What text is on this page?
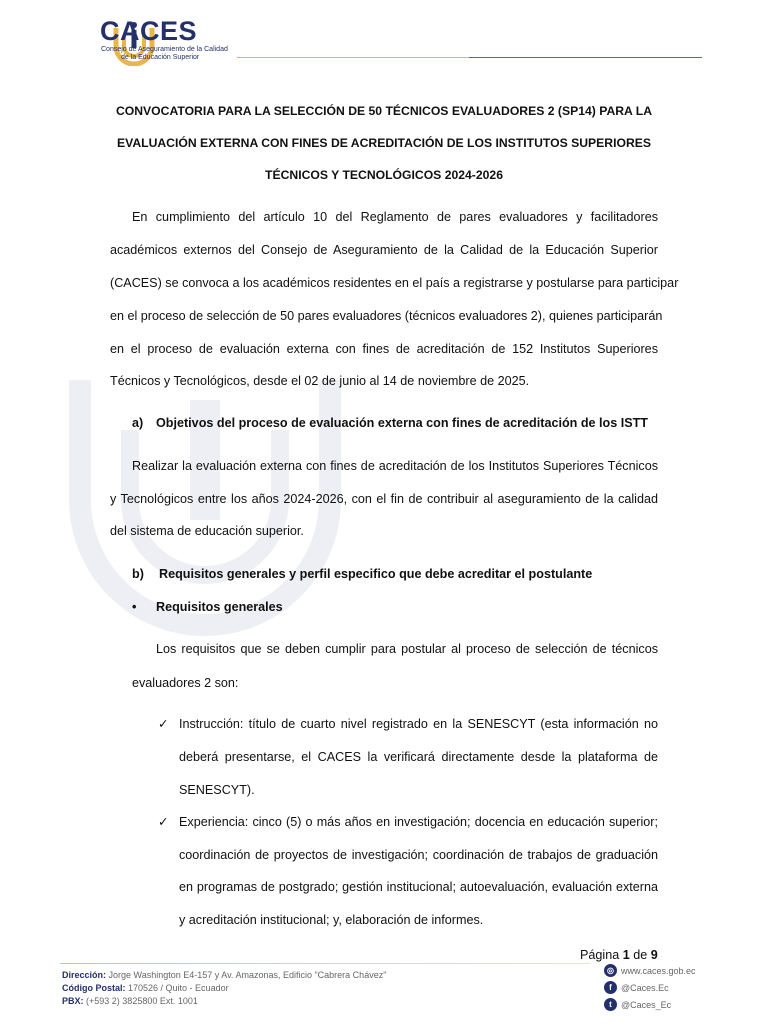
CACES
Consejo de Aseguramiento de la Calidad
de la Educación Superior
CONVOCATORIA PARA LA SELECCIÓN DE 50 TÉCNICOS EVALUADORES 2 (SP14) PARA LA
EVALUACIÓN EXTERNA CON FINES DE ACREDITACIÓN DE LOS INSTITUTOS SUPERIORES
TÉCNICOS Y TECNOLÓGICOS 2024-2026
En cumplimiento del artículo 10 del Reglamento de pares evaluadores y facilitadores
académicos externos del Consejo de Aseguramiento de la Calidad de la Educación Superior
(CACES) se convoca a los académicos residentes en el país a registrarse y postularse para participar
en el proceso de selección de 50 pares evaluadores (técnicos evaluadores 2), quienes participarán
en el proceso de evaluación externa con fines de acreditación de 152 Institutos Superiores
Técnicos y Tecnológicos, desde el 02 de junio al 14 de noviembre de 2025.
a) Objetivos del proceso de evaluación externa con fines de acreditación de los ISTT
Realizar la evaluación externa con fines de acreditación de los Institutos Superiores Técnicos
y Tecnológicos entre los años 2024-2026, con el fin de contribuir al aseguramiento de la calidad
del sistema de educación superior.
b) Requisitos generales y perfil especifico que debe acreditar el postulante
• Requisitos generales
Los requisitos que se deben cumplir para postular al proceso de selección de técnicos
evaluadores 2 son:
✓ Instrucción: título de cuarto nivel registrado en la SENESCYT (esta información no
deberá presentarse, el CACES la verificará directamente desde la plataforma de
SENESCYT).
✓ Experiencia: cinco (5) o más años en investigación; docencia en educación superior;
coordinación de proyectos de investigación; coordinación de trabajos de graduación
en programas de postgrado; gestión institucional; autoevaluación, evaluación externa
y acreditación institucional; y, elaboración de informes.
Página 1 de 9
Dirección: Jorge Washington E4-157 y Av. Amazonas, Edificio "Cabrera Chávez"
Código Postal: 170526 / Quito - Ecuador
PBX: (+593 2) 3825800 Ext. 1001
◎ www.caces.gob.ec
f	@Caces.Ec
t	@Caces_Ec
